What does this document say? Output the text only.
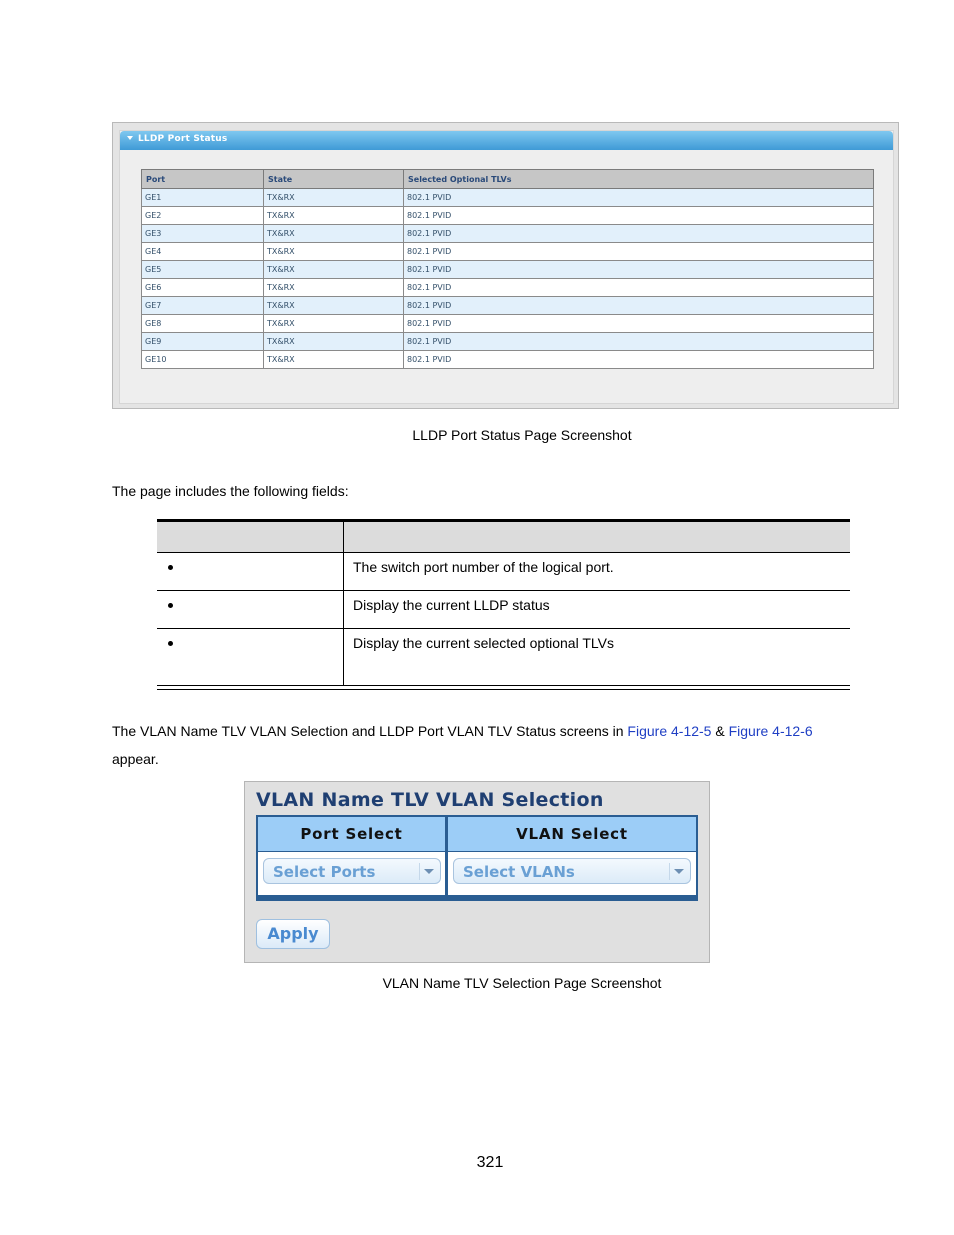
LLDP Port Status
Port	State	Selected Optional TLVs
GE1	TX&RX	802.1 PVID
GE2	TX&RX	802.1 PVID
GE3	TX&RX	802.1 PVID
GE4	TX&RX	802.1 PVID
GE5	TX&RX	802.1 PVID
GE6	TX&RX	802.1 PVID
GE7	TX&RX	802.1 PVID
GE8	TX&RX	802.1 PVID
GE9	TX&RX	802.1 PVID
GE10	TX&RX	802.1 PVID
LLDP Port Status Page Screenshot
The page includes the following fields:
The switch port number of the logical port.
Display the current LLDP status
Display the current selected optional TLVs
The VLAN Name TLV VLAN Selection and LLDP Port VLAN TLV Status screens in Figure 4-12-5 & Figure 4-12-6
appear.
VLAN Name TLV VLAN Selection
Port Select	VLAN Select
Select Ports	Select VLANs
Apply
VLAN Name TLV Selection Page Screenshot
321
